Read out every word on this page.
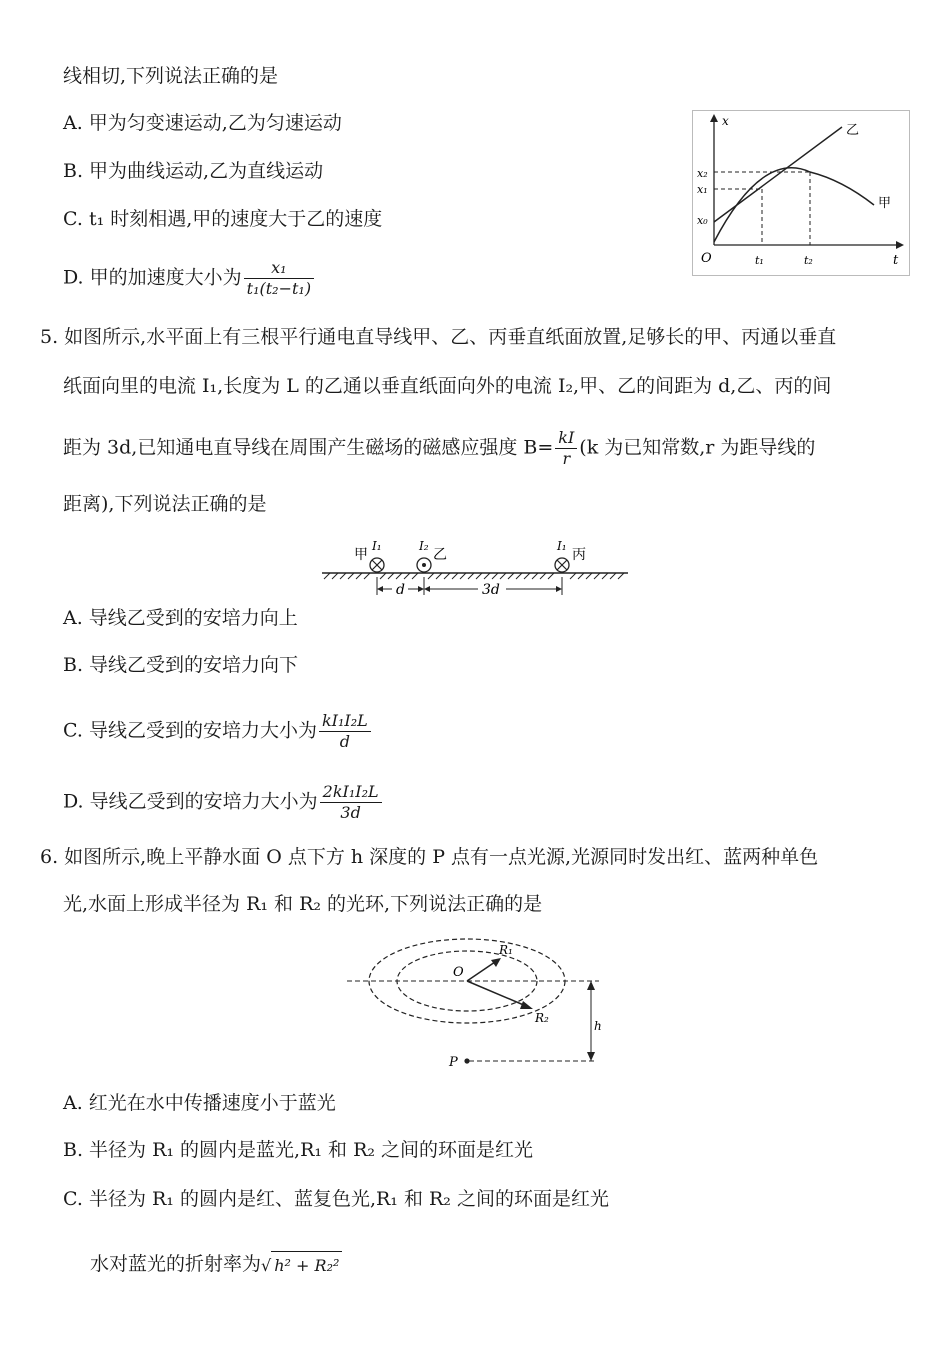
线相切,下列说法正确的是
A. 甲为匀变速运动,乙为匀速运动
B. 甲为曲线运动,乙为直线运动
C. t₁ 时刻相遇,甲的速度大于乙的速度
D. 甲的加速度大小为 $\frac{\text{x₁}}{\text{t₁(t₂−t₁)}}$
x
t
O
x₀
x₁
x₂
t₁	t₂
甲
乙
5. 如图所示,水平面上有三根平行通电直导线甲、乙、丙垂直纸面放置,足够长的甲、丙通以垂直
纸面向里的电流 I₁,长度为 L 的乙通以垂直纸面向外的电流 I₂,甲、乙的间距为 d,乙、丙的间
距为 3d,已知通电直导线在周围产生磁场的磁感应强度 $B= \frac{kI}{r} (k$ 为已知常数,r 为距导线的
距离),下列说法正确的是
甲
I₁	I₂
乙
I₁
丙
d	3d
A. 导线乙受到的安培力向上
B. 导线乙受到的安培力向下
C. 导线乙受到的安培力大小为 $\frac{\text{kI₁I₂L}}{d}$
D. 导线乙受到的安培力大小为 $\frac{\text{2kI₁I₂L}}{3d}$
6. 如图所示,晚上平静水面 O 点下方 h 深度的 P 点有一点光源,光源同时发出红、蓝两种单色
光,水面上形成半径为 R₁ 和 R₂ 的光环,下列说法正确的是
O
R₁
R₂
h
P
A. 红光在水中传播速度小于蓝光
B. 半径为 R₁ 的圆内是蓝光,R₁ 和 R₂ 之间的环面是红光
C. 半径为 R₁ 的圆内是红、蓝复色光,R₁ 和 R₂ 之间的环面是红光
水对蓝光的折射率为√ h² + R₂²
